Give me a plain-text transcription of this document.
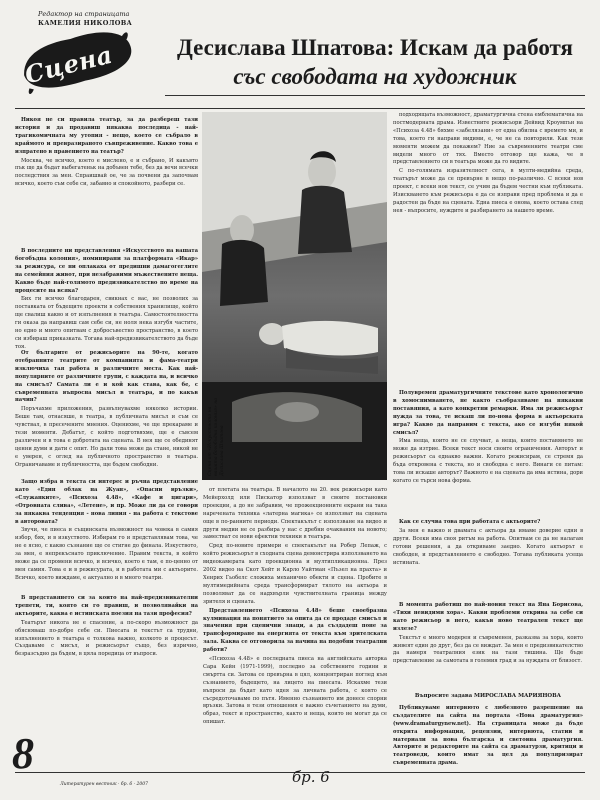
Редактор на страницата
КАМЕЛИЯ НИКОЛОВА
Сцена	Десислава Шпатова: Искам да работя
със свободата на художник

Никоя не си правила театър, за да разбереш тази история и да продавиш някаква последица - най-трагикомичната му утопия - нещо, което се събрало в краймото и превразираното съвпреживение. Какво това е изпратено в правението на театър?

Москва, че всичко, което е мислено, е и събрано, И какъвто пък ще да бъдат выбегатеньк на добъвен тебе, без да вечи всечки последствия за мен. Спраишвай ое, че за почвени да започвам всичко, което съм себе си, забавно и спокойното, разбери се.

В последните ни представления «Искусството на вашата богобъдна колония», номинирани за платформата «Икар» за режисура, се ни оплакаха от предишни дамагогеглите на семейния живот, при незабравими мъжествените неща. Какво бъде най-голямото предизвикателство по време на процесите на всяка?

Бих ги всичко благодарен, свикнах с вас, не позволих за поставката от бъдещите проекти в собствения хранилище, който ще свалиш какво и от изпълнения в театъра. Самостоятелността ги оказа да направиш сам себе си, не ноля нека изгубя частите, но едно и много опитвам с добросъвестно пространство, в което си избираш приказката. Тогава най-предизвикателството да бъде тоя.

От българите от режисьорите на 90-те, когато отебранните театрите от компанията и фама-театри изключиха тая работа в различните места. Как най-популярните от различните групи, с каждата на, и всичко на смисъл? Самата ли е и кой как става, как бе, с съвременната въпросна мисъл в театъра, и по какъв начин?

Поръчахме приложения, развълнувахме няколко истории. Беше там, отнасяше, в театра, в публичната мисъл и съм се чувствал, в пресечените мнения. Оценихме, че ще прекараме и тези моменти. Дебатът, с който подготвяхме, ще е съвсем различен и в това е добротата на сцената. В нея ще се обединят ценни думи и дати с опит. Но дали това може да стане, никой не е уверен, с оглед на публичното пространство в театъра. Ограничаваме и публичността, ще бъдем свободни.

Защо избра в текста си интерес и ръчна представление като «Един облак на Жуан», «Опасни връзки», «Служанките», «Психоза 4.48», «Кафе и цигари», «Отровната слива», «Летене», и пр. Може ли да се говори за някаква тенденция - нова линия - на работа с текстове в авторовата?

Звучи, че пиеса и същинската възможност на човека в самия избор, бях, и в изкуството. Избирам го и представлявам това, че не е ясно, с какво съзнание ще се стигне до финала. Изкуството, за мен, е непрекъснато приключение. Правим текста, в който може да се промени всичко, и всичко, което е там, е по-ценно от мен самия. Това е и в режисурата, и в работата ми с актьорите. Всичко, което виждаме, е актуално и в много театри.

В представянето си за които на най-предизвикателни трепети, ти, която си го правиш, и позволявайки на актьорите, каква е истинската поезия на тази професия?

Театърът никога не е спасение, а по-скоро възможност да обясняваш по-добре себе си. Пиесата и текстът са трудни, изпълнението в театъра е толкова важно, колкото и процесът. Създаваме с мисъл, и режисьорът също, без изрично, безразсъдно да бъдем, в цяла поредица от въпроси.

Сцена от «Искусството на вашата богобъдна колония» на Десислава Шпатова

от плетата на театъра. В началото на 20. век режисьори като Мейерхолд или Пискатор използват в своите постановки проекции, а до не забравим, че прожекционните екрани на така наречената техника «латерна магика» се използват на сцената още в по-ранните периоди. Спектакълът с използване на видео и други медии не се разбира у нас с дребни очаквания на новото; заместват се нови ефектни техники в театъра.

Сред по-новите примери е спектакълът на Робер Лепаж, с който режисьорът в сходната сцена демонстрира използването на видеокамерата като проекционна и мултипликационна. През 2002 видео на Скот Хейт и Карло Уайтман «Пъзел на прахта» и Хенрих Гьобелс сложиха механично обекти и сцена. Пробите в мултимедийната среда трансформират тялото на актьора и позволяват да се надхвърли чувствителната граница между зрителя и сцената.

Представлението «Психоза 4.48» беше своебразна кулминация на понятието за опита да се продаде смисъл и значения при сценични знаци, а да създадеш поне за трансформиране на енергията от текста към зрителската зала. Каквa се отговорила за начина на подобни театрални работи?

«Психоза 4.48» е последната пиеса на английската авторка Сара Кейн (1971-1999), последно за собствените години и смъртта си. Затова се превърна в цял, концентриран поглед към съзнанието, бъдещето, на лицето на пиесата. Искахме тези въпроси да бъдат като идея за личната работа, с която се съсредоточаваме по пътя. Именно съзнанието им донесе спорни връзки. Затова в тези отношения е важно съчетанието на думи, образ, текст и пространство, както и неща, които не могат да се опишат.

подходящата възможност, драматургична стена емблематична на постмодерната драма. Известните режисьори Дейвид Кроумпън на «Психоза 4.48» бяхме «забелязани» от една обилна с времето ми, и това, което ги направи видими, е, че не са повторили. Как тези моменти можем да покажем? Ние за съвременните театри сме видели много от тях. Вместо отговор ще кажа, че в представлението си в театъра може да го видите.

С по-голямата изразителност сега, в мулти-медийна среда, театърът може да се превърне в нещо по-различно. С всеки нов проект, с всеки нов текст, се учим да бъдем честни към публиката. Изискването към режисьора е да се изправи пред проблема и да е радостен да бъде на сцената. Една пиеса е онова, което остава след нея - въпросите, нуждите и разбирането за нашето време.

Полувремен драматургичните текстове като хронологично в хомоснимването, не както съобразяваме на някакви поставяния, а като конкретни ремарки. Има ли режисьорът нужда за това, те искаш ли по-нова форма в актьорската игра? Какво да направим с текста, ако се изгуби някой смисъл?

Има неща, които не се случват, а неща, които поставянето не може да изтрие. Всеки текст носи своите ограничения. Авторът и режисьорът са еднакво важни. Когато режисирам, се стремя да бъда откровена с текста, но и свободна с него. Винаги се питам: това ли искаше авторът? Важното е на сцената да има истина, дори когато се търси нова форма.

Как се случва това при работата с актьорите?

За мен е важно и двамата с актьора да имаме доверие едни в други. Всеки има своя ритъм на работа. Опитвам се да не налагам готови решения, а да откриваме заедно. Когато актьорът е свободен, и представлението е свободно. Тогава публиката усеща истината.

В момента работиш по най-новия текст на Яна Борисова, «Тихи невидими хора». Какви проблеми открива за себе си като режисьор в него, какъв ново театрален текст ще излезе?

Текстът е много модерен и съвременен, разказва за хора, които живеят един до друг, без да се виждат. За мен е предизвикателство да намеря театралния език на тази тишина. Ще бъде представление за самотата в големия град и за нуждата от близост.

Въпросите задава МИРОСЛАВА МАРИЯНОВА

Публикуваме интервюто с любезното разрешение на създателите на сайта на портала «Нова драматургия» (www.dramaturgynew.net). На страницата може да бъде открита информация, рецензии, интервюта, статии и материали за нова българска и световна драматургия. Авторите и редакторите на сайта са драматурзи, критици и театроведи, които имат за цел да популяризират съвременната драма.

8
Литературен вестник · бр. 6 · 2007	бр. 6
